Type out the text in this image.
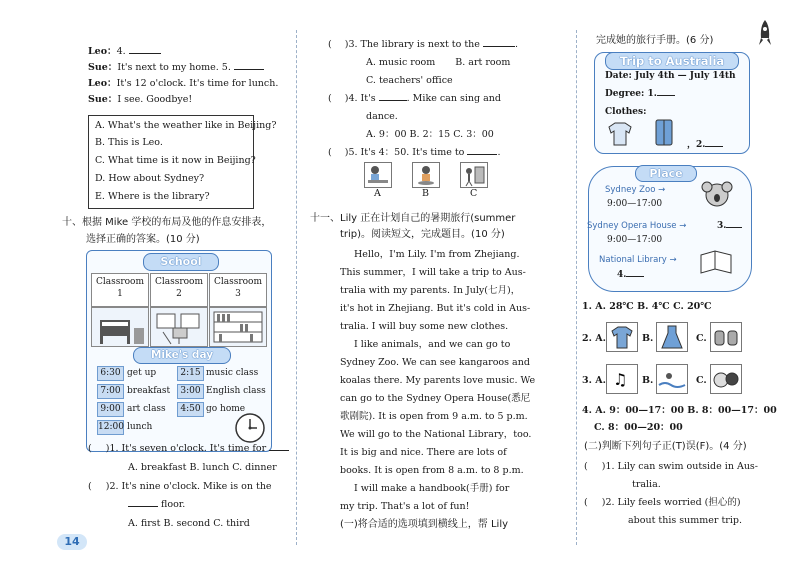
Leo：4.
Sue：It's next to my home. 5.
Leo：It's 12 o'clock. It's time for lunch.
Sue：I see. Goodbye!
A. What's the weather like in Beijing?
B. This is Leo.
C. What time is it now in Beijing?
D. How about Sydney?
E. Where is the library?
十、根据 Mike 学校的布局及他的作息安排表，
选择正确的答案。(10 分)
School
Classroom
1
Classroom
2
Classroom
3
Mike's day
6:30 get up
7:00 breakfast
9:00 art class
12:00 lunch
2:15 music class
3:00 English class
4:50 go home
( )1. It's seven o'clock. It's time for
A. breakfast B. lunch C. dinner
( )2. It's nine o'clock. Mike is on the
floor.
A. first B. second C. third
14
( )3. The library is next to the	.
A. music room B. art room
C. teachers' office
( )4. It's	. Mike can sing and
dance.
A. 9：00 B. 2：15 C. 3：00
( )5. It's 4：50. It's time to	.
A	B	C
十一、Lily 正在计划自己的暑期旅行(summer
trip)。阅读短文，完成题目。(10 分)
Hello，I'm Lily. I'm from Zhejiang.
This summer，I will take a trip to Aus-
tralia with my parents. In July(七月)，
it's hot in Zhejiang. But it's cold in Aus-
tralia. I will buy some new clothes.
I like animals，and we can go to
Sydney Zoo. We can see kangaroos and
koalas there. My parents love music. We
can go to the Sydney Opera House(悉尼
歌剧院). It is open from 9 a.m. to 5 p.m.
We will go to the National Library，too.
It is big and nice. There are lots of
books. It is open from 8 a.m. to 8 p.m.
I will make a handbook(手册) for
my trip. That's a lot of fun!
(一)将合适的选项填到横线上，帮 Lily
完成她的旅行手册。(6 分)
Trip to Australia
Date: July 4th — July 14th
Degree: 1.
Clothes:
，2.
Place
Sydney Zoo →
9:00—17:00
Sydney Opera House →	3.
9:00—17:00
National Library →
4.
1. A. 28℃ B. 4℃ C. 20℃
2. A.	B.	C.
3. A. ♫ B.	C.
4. A. 9：00—17：00 B. 8：00—17：00
C. 8：00—20：00
(二)判断下列句子正(T)误(F)。(4 分)
( )1. Lily can swim outside in Aus-
tralia.
( )2. Lily feels worried (担心的)
about this summer trip.
